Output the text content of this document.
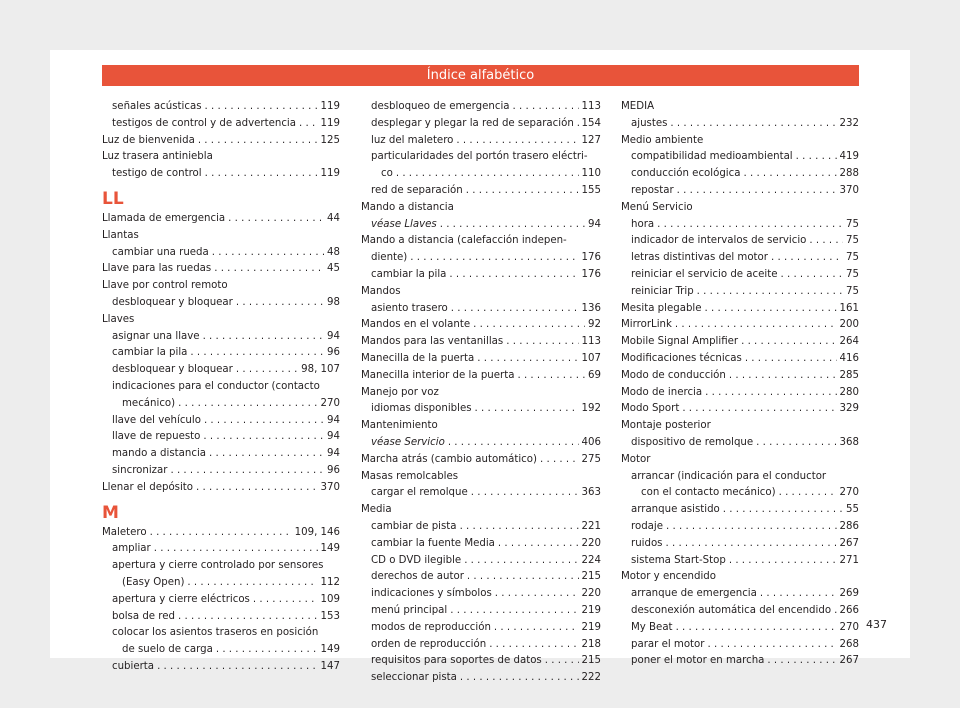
Índice alfabético
señales acústicas . . .	119
testigos de control y de advertencia . . . 119
Luz de bienvenida . . .	125
Luz trasera antiniebla
testigo de control . . .	119
LL
Llamada de emergencia . . .	44
Llantas
cambiar una rueda . . .	48
Llave para las ruedas . . .	45
Llave por control remoto
desbloquear y bloquear . . .	98
Llaves
asignar una llave . . .	94
cambiar la pila . . .	96
desbloquear y bloquear . . .	98, 107
indicaciones para el conductor (contacto
mecánico) . . .	270
llave del vehículo . . .	94
llave de repuesto . . .	94
mando a distancia . . .	94
sincronizar . . .	96
Llenar el depósito . . .	370
M
Maletero . . .	109, 146
ampliar . . .	149
apertura y cierre controlado por sensores
(Easy Open) . . .	112
apertura y cierre eléctricos . . .	109
bolsa de red . . .	153
colocar los asientos traseros en posición
de suelo de carga . . .	149
cubierta . . .	147
desbloqueo de emergencia . . .	113
desplegar y plegar la red de separación . . . 154
luz del maletero . . .	127
particularidades del portón trasero eléctri-
co . . .	110
red de separación . . .	155
Mando a distancia
véase Llaves . . .	94
Mando a distancia (calefacción indepen-
diente) . . .	176
cambiar la pila . . .	176
Mandos
asiento trasero . . .	136
Mandos en el volante . . .	92
Mandos para las ventanillas . . .	113
Manecilla de la puerta . . .	107
Manecilla interior de la puerta . . .	69
Manejo por voz
idiomas disponibles . . .	192
Mantenimiento
véase Servicio . . .	406
Marcha atrás (cambio automático) . . .	275
Masas remolcables
cargar el remolque . . .	363
Media
cambiar de pista . . .	221
cambiar la fuente Media . . .	220
CD o DVD ilegible . . .	224
derechos de autor . . .	215
indicaciones y símbolos . . .	220
menú principal . . .	219
modos de reproducción . . .	219
orden de reproducción . . .	218
requisitos para soportes de datos . . .	215
seleccionar pista . . .	222
MEDIA
ajustes . . .	232
Medio ambiente
compatibilidad medioambiental . . .	419
conducción ecológica . . .	288
repostar . . .	370
Menú Servicio
hora . . .	75
indicador de intervalos de servicio . . .	75
letras distintivas del motor . . .	75
reiniciar el servicio de aceite . . .	75
reiniciar Trip . . .	75
Mesita plegable . . .	161
MirrorLink . . .	200
Mobile Signal Amplifier . . .	264
Modificaciones técnicas . . .	416
Modo de conducción . . .	285
Modo de inercia . . .	280
Modo Sport . . .	329
Montaje posterior
dispositivo de remolque . . .	368
Motor
arrancar (indicación para el conductor
con el contacto mecánico) . . .	270
arranque asistido . . .	55
rodaje . . .	286
ruidos . . .	267
sistema Start-Stop . . .	271
Motor y encendido
arranque de emergencia . . .	269
desconexión automática del encendido . . . 266
My Beat . . .	270
parar el motor . . .	268
poner el motor en marcha . . .	267
437
